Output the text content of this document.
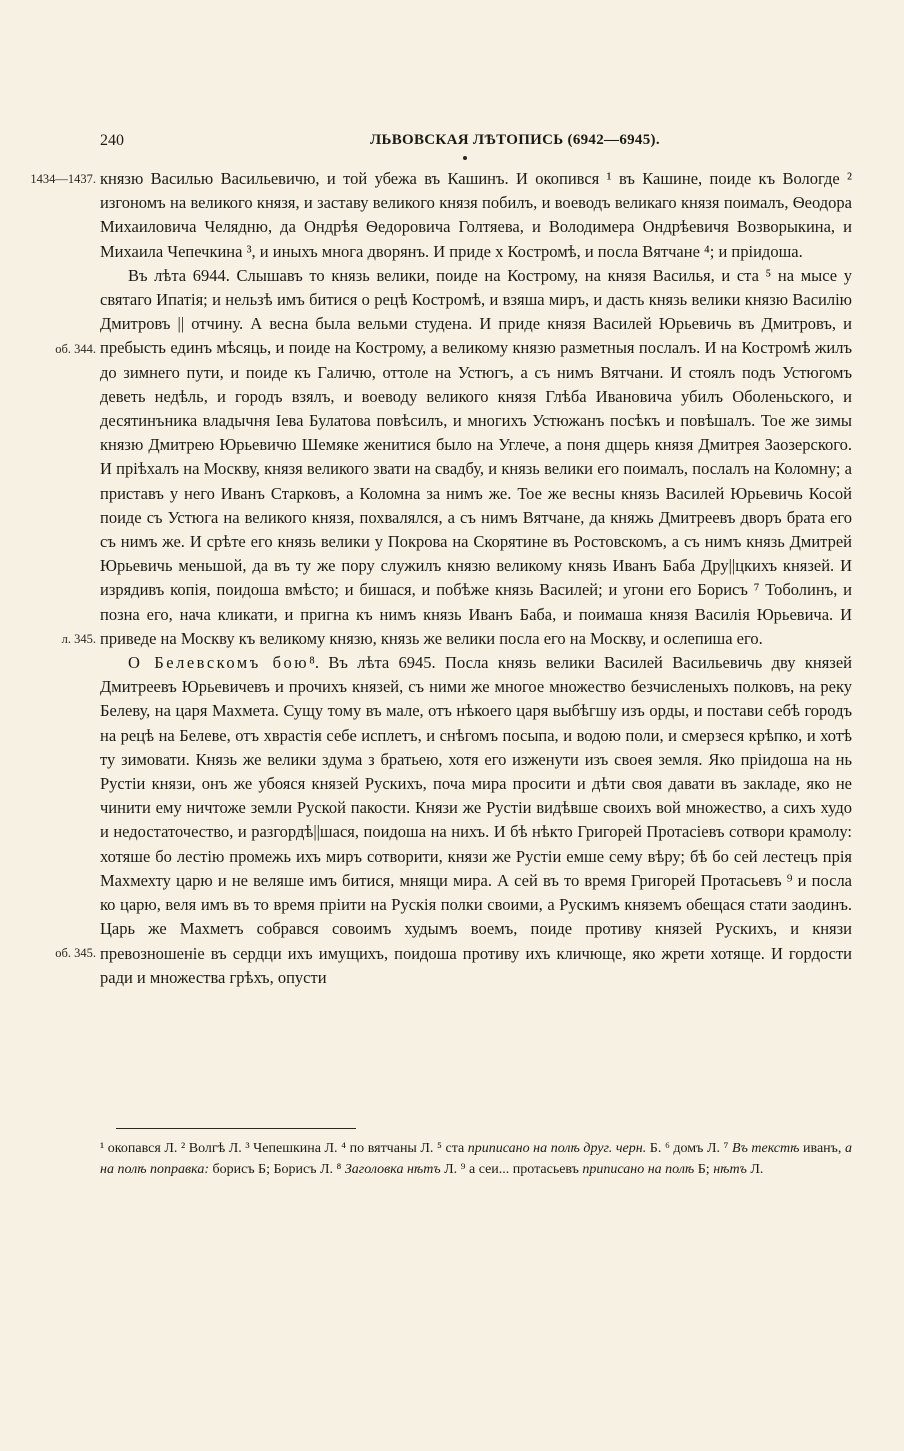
240	ЛЬВОВСКАЯ ЛѢТОПИСЬ (6942—6945).
1434—1437.
об. 344.
л. 345.
об. 345.

князю Василью Васильевичю, и той убежа въ Кашинъ. И окопився ¹ въ Кашине, поиде къ Вологде ² изгономъ на великого князя, и заставу великого князя побилъ, и воеводъ великаго князя поималъ, Ѳеодора Михаиловича Челядню, да Ондрѣя Ѳедоровича Голтяева, и Володимера Ондрѣевичя Возворыкина, и Михаила Чепечкина ³, и иныхъ многа дворянъ. И приде х Костромѣ, и посла Вятчане ⁴; и прiидоша.

Въ лѣта 6944. Слышавъ то князь велики, поиде на Кострому, на князя Василья, и ста ⁵ на мысе у святаго Ипатiя; и нельзѣ имъ битися о рецѣ Костромѣ, и взяша миръ, и дасть князь велики князю Василiю Дмитровъ || отчину. А весна была вельми студена. И приде князя Василей Юрьевичь въ Дмитровъ, и пребысть единъ мѣсяць, и поиде на Кострому, а великому князю разметныя послалъ. И на Костромѣ жилъ до зимнего пути, и поиде къ Галичю, оттоле на Устюгъ, а съ нимъ Вятчани. И стоялъ подъ Устюгомъ деветь недѣль, и городъ взялъ, и воеводу великого князя Глѣба Ивановича убилъ Оболеньского, и десятинъника владычня Iева Булатова повѣсилъ, и многихъ Устюжанъ посѣкъ и повѣшалъ. Тое же зимы князю Дмитрею Юрьевичю Шемяке женитися было на Углече, а поня дщерь князя Дмитрея Заозерского. И прiѣхалъ на Москву, князя великого звати на свадбу, и князь велики его поималъ, послалъ на Коломну; а приставъ у него Иванъ Старковъ, а Коломна за нимъ же. Тое же весны князь Василей Юрьевичь Косой поиде съ Устюга на великого князя, похвалялся, а съ нимъ Вятчане, да княжь Дмитреевъ дворъ брата его съ нимъ же. И срѣте его князь велики у Покрова на Скорятине въ Ростовскомъ, а съ нимъ князь Дмитрей Юрьевичь меньшой, да въ ту же пору служилъ князю великому князь Иванъ Баба Дру||цкихъ князей. И изрядивъ копiя, поидоша вмѣсто; и бишася, и побѣже князь Василей; и угони его Борисъ ⁷ Тоболинъ, и позна его, нача кликати, и пригна къ нимъ князь Иванъ Баба, и поимаша князя Василiя Юрьевича. И приведе на Москву къ великому князю, князь же велики посла его на Москву, и ослепиша его.

О Белевскомъ бою⁸. Въ лѣта 6945. Посла князь велики Василей Васильевичь дву князей Дмитреевъ Юрьевичевъ и прочихъ князей, съ ними же многое множество безчисленыхъ полковъ, на реку Белеву, на царя Махмета. Сущу тому въ мале, отъ нѣкоего царя выбѣгшу изъ орды, и постави себѣ городъ на рецѣ на Белеве, отъ хврастiя себе исплетъ, и снѣгомъ посыпа, и водою поли, и смерзеся крѣпко, и хотѣ ту зимовати. Князь же велики здума з братьею, хотя его изженути изъ своея земля. Яко прiидоша на нь Рустiи князи, онъ же убояся князей Рускихъ, поча мира просити и дѣти своя давати въ закладе, яко не чинити ему ничтоже земли Руской пакости. Князи же Рустiи видѣвше своихъ вой множество, а сихъ худо и недостаточество, и разгордѣ||шася, поидоша на нихъ. И бѣ нѣкто Григорей Протасiевъ сотвори крамолу: хотяше бо лестiю промежь ихъ миръ сотворити, князи же Рустiи емше сему вѣру; бѣ бо сей лестецъ прiя Махмехту царю и не веляше имъ битися, мнящи мира. А сей въ то время Григорей Протасьевъ ⁹ и посла ко царю, веля имъ въ то время прiити на Рускiя полки своими, а Рускимъ княземъ обещася стати заодинъ. Царь же Махметъ собрався совоимъ худымъ воемъ, поиде противу князей Рускихъ, и князи превозношенiе въ сердци ихъ имущихъ, поидоша противу ихъ кличюще, яко жрети хотяще. И гордости ради и множества грѣхъ, опусти

¹ окопався Л. ² Волгѣ Л. ³ Чепешкина Л. ⁴ по вятчаны Л. ⁵ ста приписано на полѣ друг. черн. Б. ⁶ домъ Л. ⁷ Въ текстѣ иванъ, а на полѣ поправка: борисъ Б; Борисъ Л. ⁸ Заголовка нѣтъ Л. ⁹ а сеи... протасьевъ приписано на полѣ Б; нѣтъ Л.
